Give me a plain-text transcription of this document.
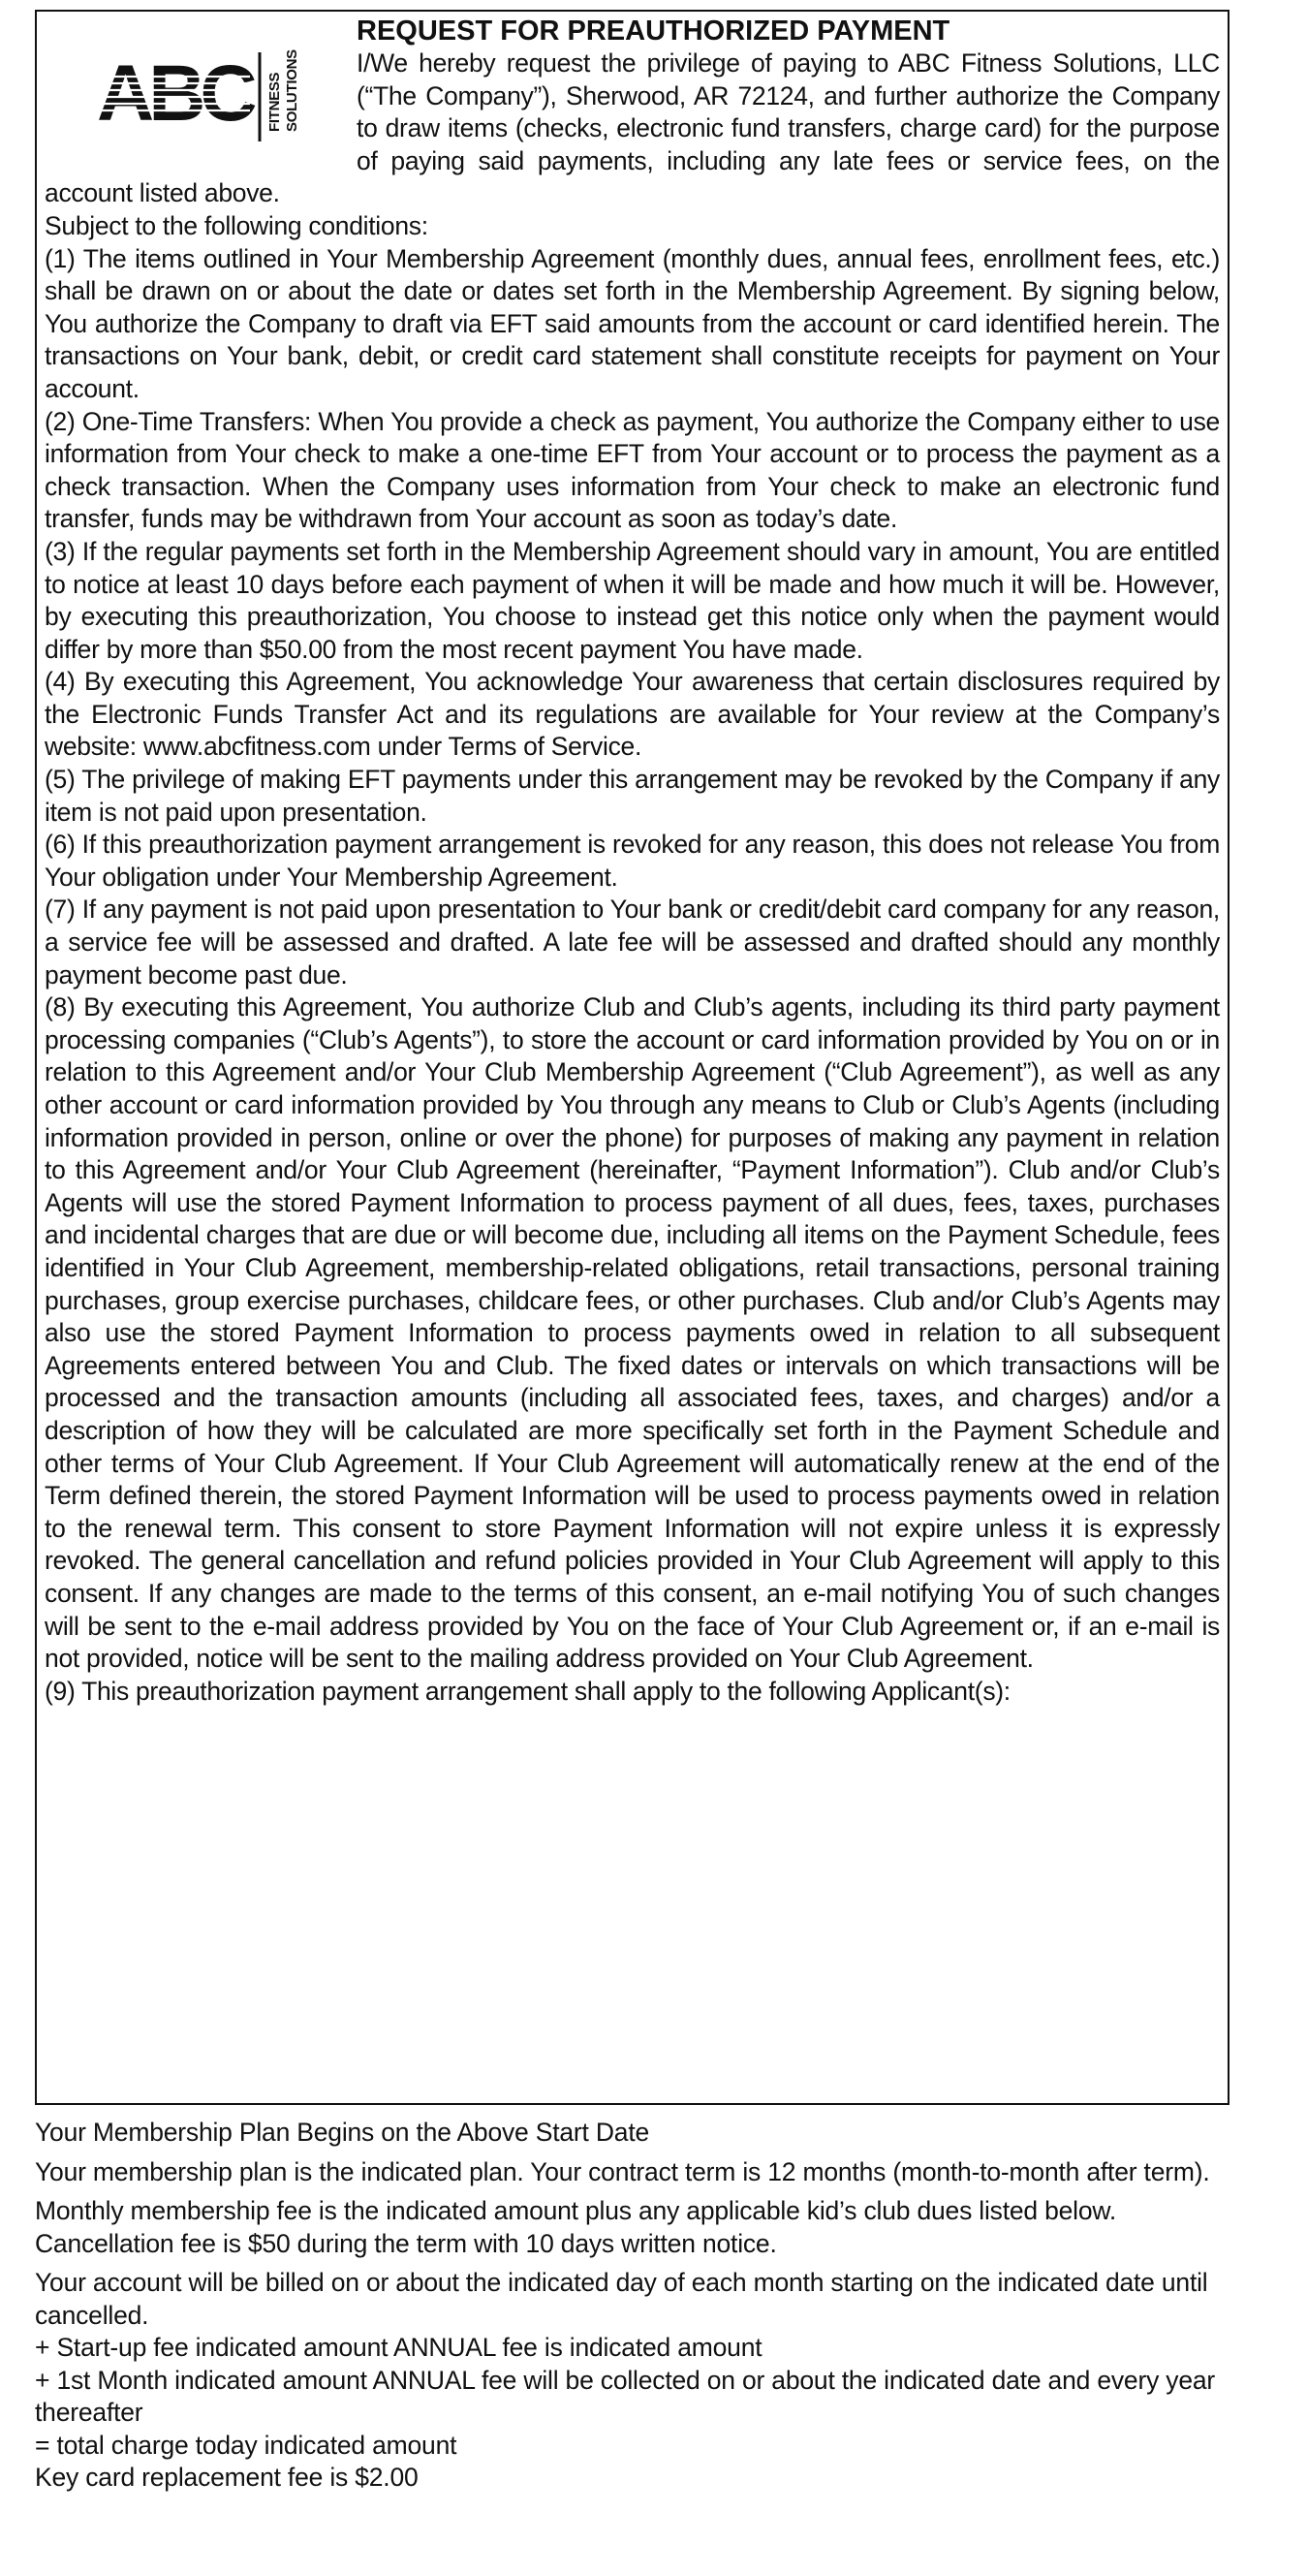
ABC FITNESS SOLUTIONS
REQUEST FOR PREAUTHORIZED PAYMENT

I/We hereby request the privilege of paying to ABC Fitness Solutions, LLC (“The Company”), Sherwood, AR 72124, and further authorize the Company to draw items (checks, electronic fund transfers, charge card) for the purpose of paying said payments, including any late fees or service fees, on the account listed above.

Subject to the following conditions:

(1) The items outlined in Your Membership Agreement (monthly dues, annual fees, enrollment fees, etc.) shall be drawn on or about the date or dates set forth in the Membership Agreement. By signing below, You authorize the Company to draft via EFT said amounts from the account or card identified herein. The transactions on Your bank, debit, or credit card statement shall constitute receipts for payment on Your account.

(2) One-Time Transfers: When You provide a check as payment, You authorize the Company either to use information from Your check to make a one-time EFT from Your account or to process the payment as a check transaction. When the Company uses information from Your check to make an electronic fund transfer, funds may be withdrawn from Your account as soon as today’s date.

(3) If the regular payments set forth in the Membership Agreement should vary in amount, You are entitled to notice at least 10 days before each payment of when it will be made and how much it will be. However, by executing this preauthorization, You choose to instead get this notice only when the payment would differ by more than $50.00 from the most recent payment You have made.

(4) By executing this Agreement, You acknowledge Your awareness that certain disclosures required by the Electronic Funds Transfer Act and its regulations are available for Your review at the Company’s website: www.abcfitness.com under Terms of Service.

(5) The privilege of making EFT payments under this arrangement may be revoked by the Company if any item is not paid upon presentation.

(6) If this preauthorization payment arrangement is revoked for any reason, this does not release You from Your obligation under Your Membership Agreement.

(7) If any payment is not paid upon presentation to Your bank or credit/debit card company for any reason, a service fee will be assessed and drafted. A late fee will be assessed and drafted should any monthly payment become past due.

(8) By executing this Agreement, You authorize Club and Club’s agents, including its third party payment processing companies (“Club’s Agents”), to store the account or card information provided by You on or in relation to this Agreement and/or Your Club Membership Agreement (“Club Agreement”), as well as any other account or card information provided by You through any means to Club or Club’s Agents (including information provided in person, online or over the phone) for purposes of making any payment in relation to this Agreement and/or Your Club Agreement (hereinafter, “Payment Information”). Club and/or Club’s Agents will use the stored Payment Information to process payment of all dues, fees, taxes, purchases and incidental charges that are due or will become due, including all items on the Payment Schedule, fees identified in Your Club Agreement, membership-related obligations, retail transactions, personal training purchases, group exercise purchases, childcare fees, or other purchases. Club and/or Club’s Agents may also use the stored Payment Information to process payments owed in relation to all subsequent Agreements entered between You and Club. The fixed dates or intervals on which transactions will be processed and the transaction amounts (including all associated fees, taxes, and charges) and/or a description of how they will be calculated are more specifically set forth in the Payment Schedule and other terms of Your Club Agreement. If Your Club Agreement will automatically renew at the end of the Term defined therein, the stored Payment Information will be used to process payments owed in relation to the renewal term. This consent to store Payment Information will not expire unless it is expressly revoked. The general cancellation and refund policies provided in Your Club Agreement will apply to this consent. If any changes are made to the terms of this consent, an e-mail notifying You of such changes will be sent to the e-mail address provided by You on the face of Your Club Agreement or, if an e-mail is not provided, notice will be sent to the mailing address provided on Your Club Agreement.

(9) This preauthorization payment arrangement shall apply to the following Applicant(s):

Your Membership Plan Begins on the Above Start Date

Your membership plan is the indicated plan. Your contract term is 12 months (month-to-month after term).

Monthly membership fee is the indicated amount plus any applicable kid’s club dues listed below. Cancellation fee is $50 during the term with 10 days written notice.

Your account will be billed on or about the indicated day of each month starting on the indicated date until cancelled.

+ Start-up fee indicated amount ANNUAL fee is indicated amount

+ 1st Month indicated amount ANNUAL fee will be collected on or about the indicated date and every year thereafter

= total charge today indicated amount

Key card replacement fee is $2.00
